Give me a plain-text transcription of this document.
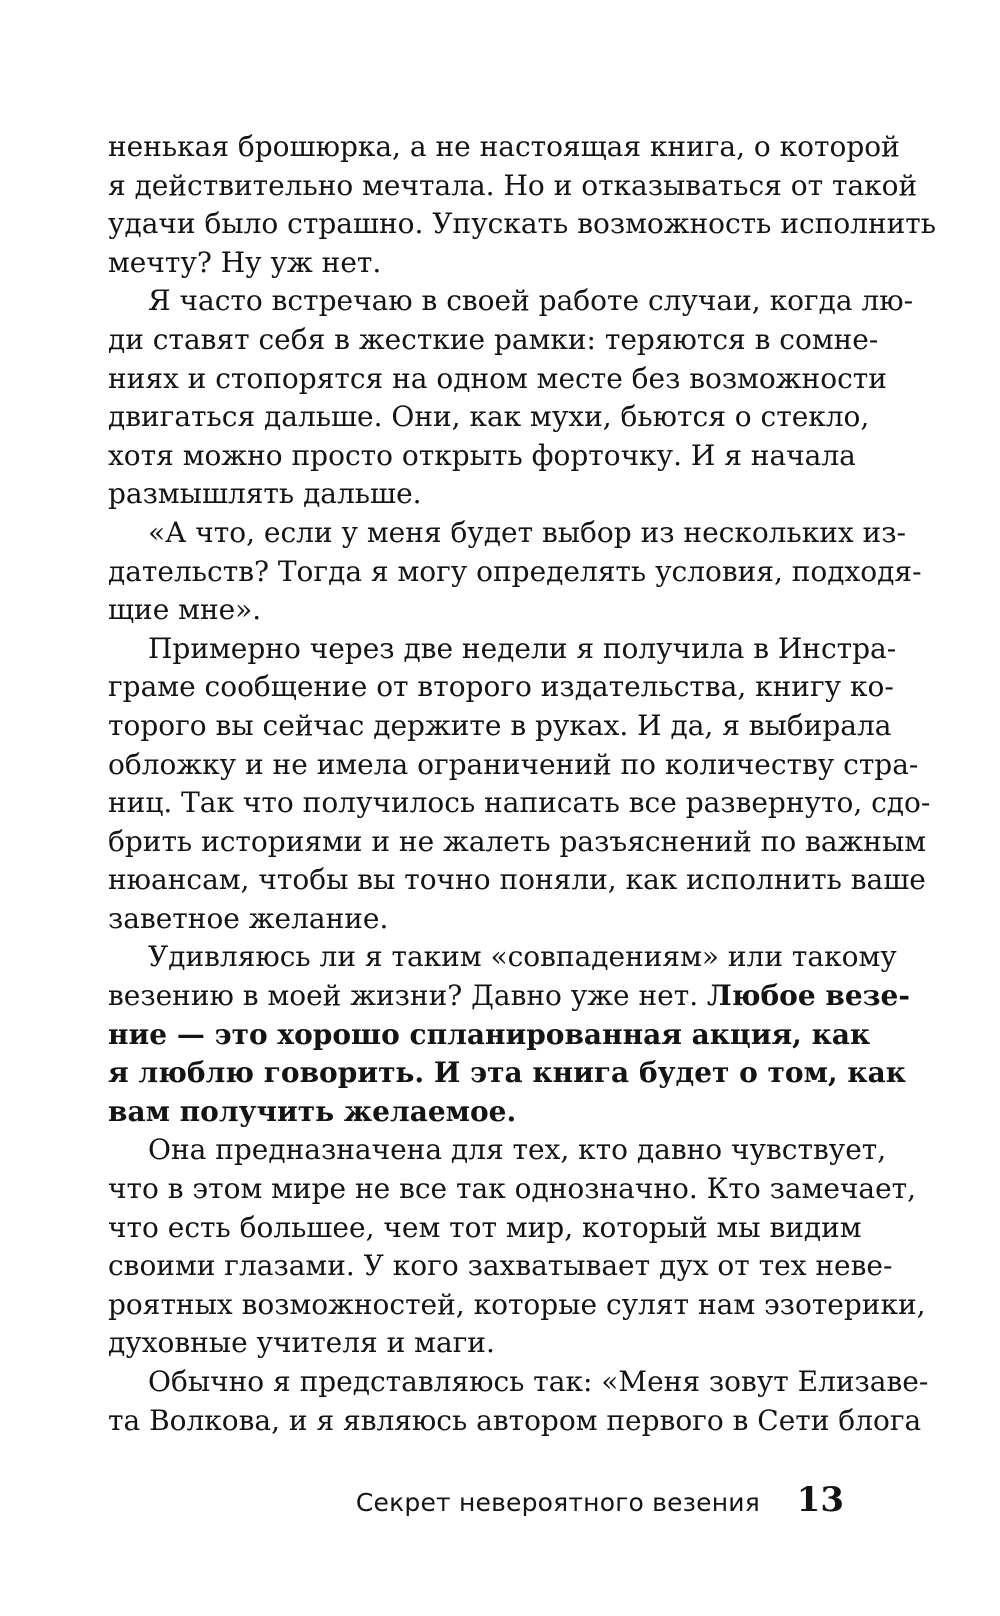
ненькая брошюрка, а не настоящая книга, о которой
я действительно мечтала. Но и отказываться от такой
удачи было страшно. Упускать возможность исполнить
мечту? Ну уж нет.
Я часто встречаю в своей работе случаи, когда лю-
ди ставят себя в жесткие рамки: теряются в сомне-
ниях и стопорятся на одном месте без возможности
двигаться дальше. Они, как мухи, бьются о стекло,
хотя можно просто открыть форточку. И я начала
размышлять дальше.
«А что, если у меня будет выбор из нескольких из-
дательств? Тогда я могу определять условия, подходя-
щие мне».
Примерно через две недели я получила в Инстра-
граме сообщение от второго издательства, книгу ко-
торого вы сейчас держите в руках. И да, я выбирала
обложку и не имела ограничений по количеству стра-
ниц. Так что получилось написать все развернуто, сдо-
брить историями и не жалеть разъяснений по важным
нюансам, чтобы вы точно поняли, как исполнить ваше
заветное желание.
Удивляюсь ли я таким «совпадениям» или такому
везению в моей жизни? Давно уже нет. Любое везе-
ние — это хорошо спланированная акция, как
я люблю говорить. И эта книга будет о том, как
вам получить желаемое.
Она предназначена для тех, кто давно чувствует,
что в этом мире не все так однозначно. Кто замечает,
что есть большее, чем тот мир, который мы видим
своими глазами. У кого захватывает дух от тех неве-
роятных возможностей, которые сулят нам эзотерики,
духовные учителя и маги.
Обычно я представляюсь так: «Меня зовут Елизаве-
та Волкова, и я являюсь автором первого в Сети блога
Секрет невероятного везения 13
